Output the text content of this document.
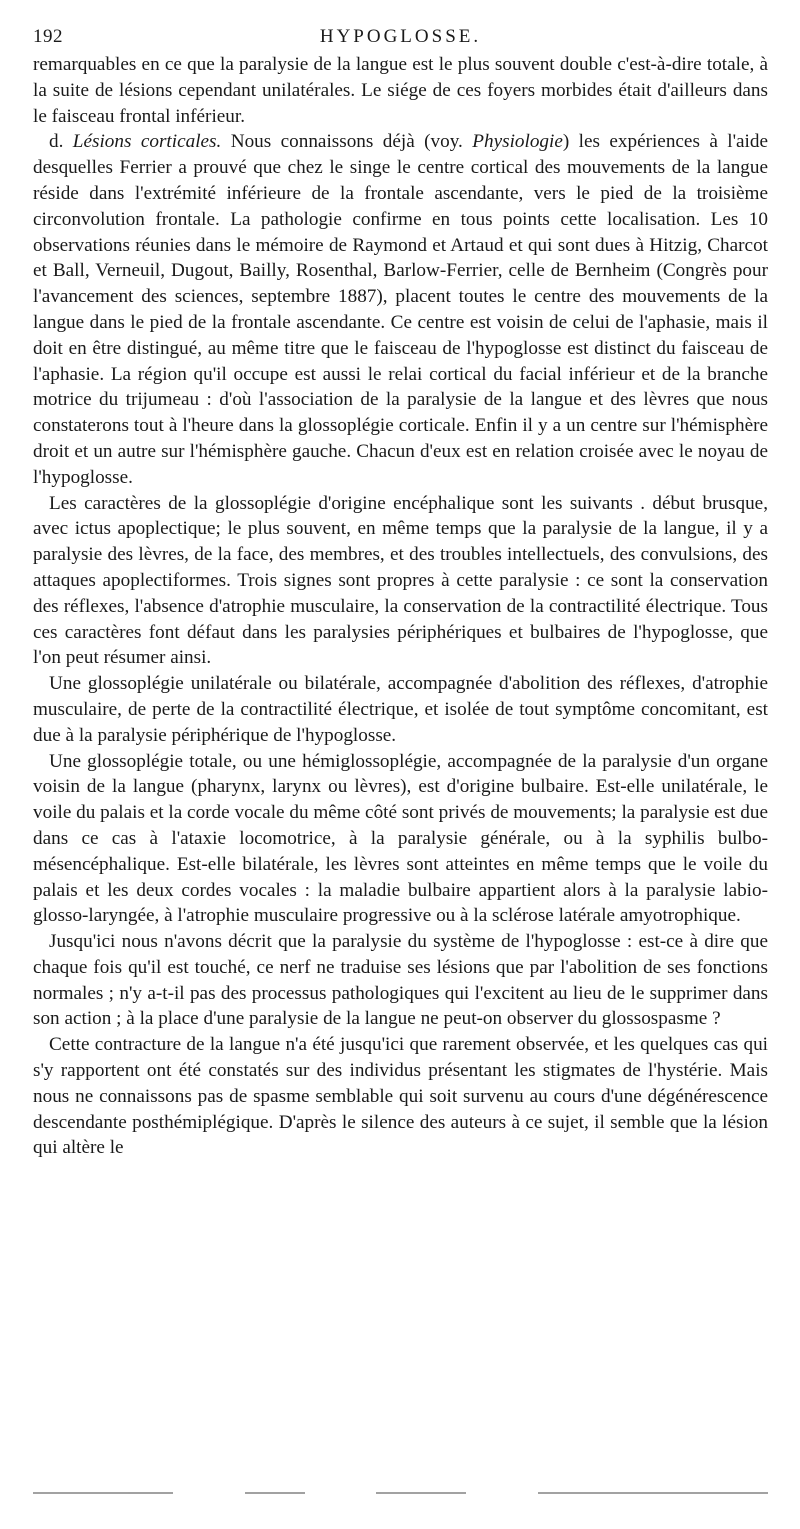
192	HYPOGLOSSE.

remarquables en ce que la paralysie de la langue est le plus souvent double c'est-à-dire totale, à la suite de lésions cependant unilatérales. Le siége de ces foyers morbides était d'ailleurs dans le faisceau frontal inférieur.

d. Lésions corticales. Nous connaissons déjà (voy. Physiologie) les expériences à l'aide desquelles Ferrier a prouvé que chez le singe le centre cortical des mouvements de la langue réside dans l'extrémité inférieure de la frontale ascendante, vers le pied de la troisième circonvolution frontale. La pathologie confirme en tous points cette localisation. Les 10 observations réunies dans le mémoire de Raymond et Artaud et qui sont dues à Hitzig, Charcot et Ball, Verneuil, Dugout, Bailly, Rosenthal, Barlow-Ferrier, celle de Bernheim (Congrès pour l'avancement des sciences, septembre 1887), placent toutes le centre des mouvements de la langue dans le pied de la frontale ascendante. Ce centre est voisin de celui de l'aphasie, mais il doit en être distingué, au même titre que le faisceau de l'hypoglosse est distinct du faisceau de l'aphasie. La région qu'il occupe est aussi le relai cortical du facial inférieur et de la branche motrice du trijumeau : d'où l'association de la paralysie de la langue et des lèvres que nous constaterons tout à l'heure dans la glossoplégie corticale. Enfin il y a un centre sur l'hémisphère droit et un autre sur l'hémisphère gauche. Chacun d'eux est en relation croisée avec le noyau de l'hypoglosse.

Les caractères de la glossoplégie d'origine encéphalique sont les suivants . début brusque, avec ictus apoplectique; le plus souvent, en même temps que la paralysie de la langue, il y a paralysie des lèvres, de la face, des membres, et des troubles intellectuels, des convulsions, des attaques apoplectiformes. Trois signes sont propres à cette paralysie : ce sont la conservation des réflexes, l'absence d'atrophie musculaire, la conservation de la contractilité électrique. Tous ces caractères font défaut dans les paralysies périphériques et bulbaires de l'hypoglosse, que l'on peut résumer ainsi.

Une glossoplégie unilatérale ou bilatérale, accompagnée d'abolition des réflexes, d'atrophie musculaire, de perte de la contractilité électrique, et isolée de tout symptôme concomitant, est due à la paralysie périphérique de l'hypoglosse.

Une glossoplégie totale, ou une hémiglossoplégie, accompagnée de la paralysie d'un organe voisin de la langue (pharynx, larynx ou lèvres), est d'origine bulbaire. Est-elle unilatérale, le voile du palais et la corde vocale du même côté sont privés de mouvements; la paralysie est due dans ce cas à l'ataxie locomotrice, à la paralysie générale, ou à la syphilis bulbo-mésencéphalique. Est-elle bilatérale, les lèvres sont atteintes en même temps que le voile du palais et les deux cordes vocales : la maladie bulbaire appartient alors à la paralysie labio-glosso-laryngée, à l'atrophie musculaire progressive ou à la sclérose latérale amyotrophique.

Jusqu'ici nous n'avons décrit que la paralysie du système de l'hypoglosse : est-ce à dire que chaque fois qu'il est touché, ce nerf ne traduise ses lésions que par l'abolition de ses fonctions normales ; n'y a-t-il pas des processus pathologiques qui l'excitent au lieu de le supprimer dans son action ; à la place d'une paralysie de la langue ne peut-on observer du glossospasme ?

Cette contracture de la langue n'a été jusqu'ici que rarement observée, et les quelques cas qui s'y rapportent ont été constatés sur des individus présentant les stigmates de l'hystérie. Mais nous ne connaissons pas de spasme semblable qui soit survenu au cours d'une dégénérescence descendante posthémiplégique. D'après le silence des auteurs à ce sujet, il semble que la lésion qui altère le
